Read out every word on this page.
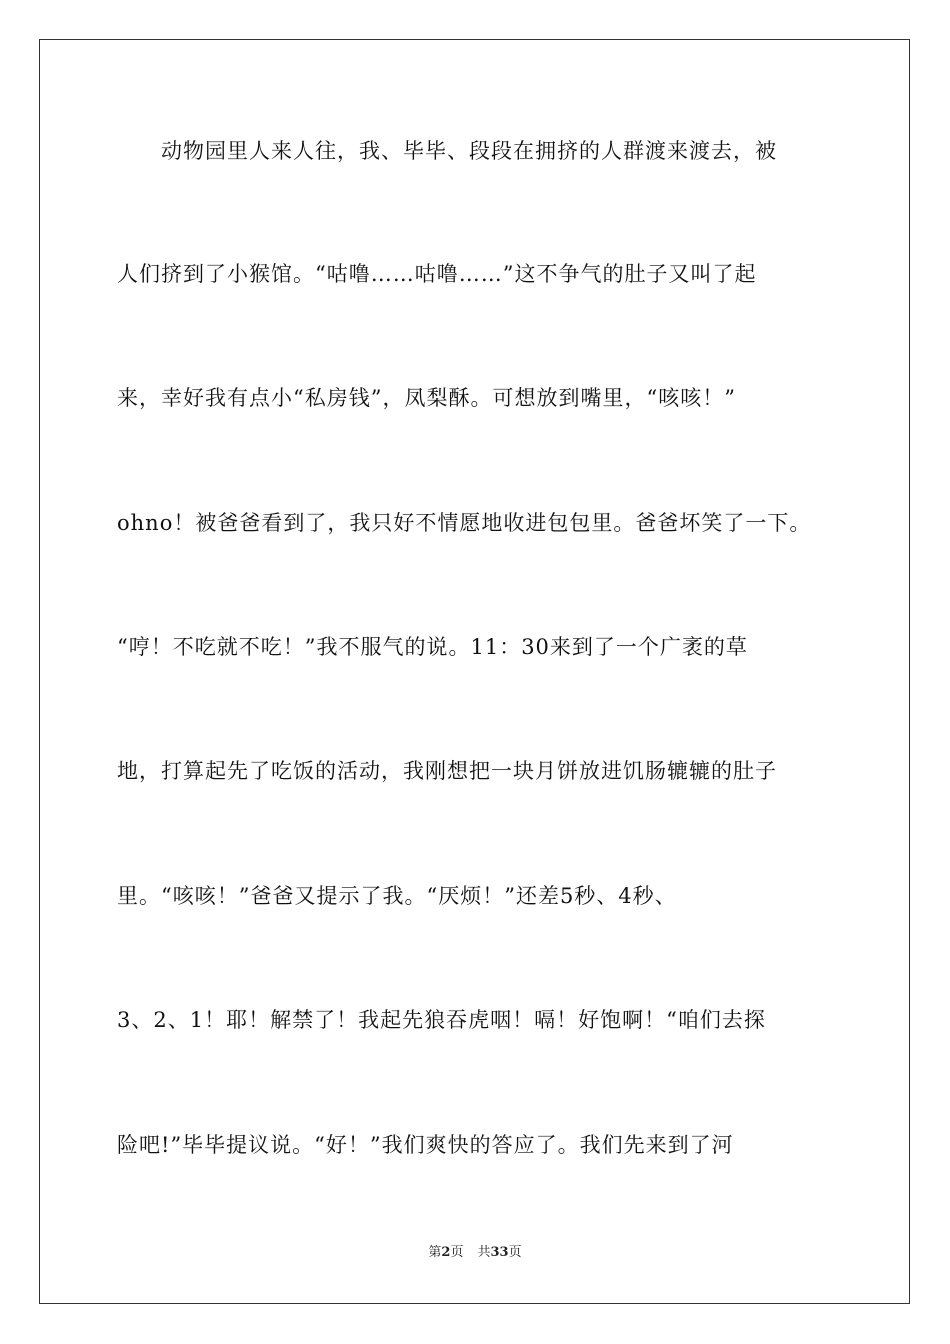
　　动物园里人来人往，我、毕毕、段段在拥挤的人群渡来渡去，被
人们挤到了小猴馆。“咕噜……咕噜……”这不争气的肚子又叫了起
来，幸好我有点小“私房钱”，凤梨酥。可想放到嘴里，“咳咳！”
ohno！被爸爸看到了，我只好不情愿地收进包包里。爸爸坏笑了一下。
“哼！不吃就不吃！”我不服气的说。11：30来到了一个广袤的草
地，打算起先了吃饭的活动，我刚想把一块月饼放进饥肠辘辘的肚子
里。“咳咳！”爸爸又提示了我。“厌烦！”还差5秒、4秒、
3、2、1！耶！解禁了！我起先狼吞虎咽！嗝！好饱啊！“咱们去探
险吧!”毕毕提议说。“好！”我们爽快的答应了。我们先来到了河
第2页 共33页
